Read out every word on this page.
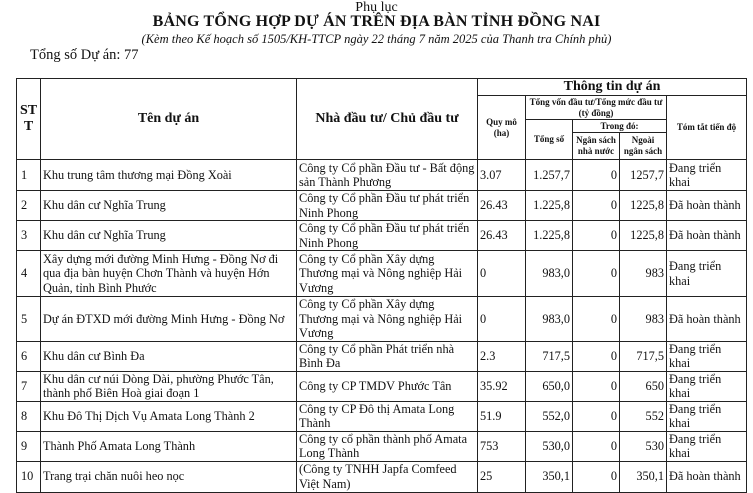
Phụ lục
BẢNG TỔNG HỢP DỰ ÁN TRÊN ĐỊA BÀN TỈNH ĐỒNG NAI
(Kèm theo Kế hoạch số 1505/KH-TTCP ngày 22 tháng 7 năm 2025 của Thanh tra Chính phủ)
Tổng số Dự án: 77
ST T	Tên dự án	Nhà đầu tư/ Chủ đầu tư	Thông tin dự án				
			Quy mô (ha)	Tổng vốn đầu tư/Tổng mức đầu tư (tỷ đồng)			Tóm tắt tiến độ
				Tổng số	Trong đó:		
					Ngân sách nhà nước	Ngoài ngân sách	
1	Khu trung tâm thương mại Đồng Xoài	Công ty Cổ phần Đầu tư - Bất động sản Thành Phương	3.07	1.257,7	0	1257,7	Đang triển khai
2	Khu dân cư Nghĩa Trung	Công ty Cổ phần Đầu tư phát triển Ninh Phong	26.43	1.225,8	0	1225,8	Đã hoàn thành
3	Khu dân cư Nghĩa Trung	Công ty Cổ phần Đầu tư phát triển Ninh Phong	26.43	1.225,8	0	1225,8	Đã hoàn thành
4	Xây dựng mới đường Minh Hưng - Đồng Nơ đi qua địa bàn huyện Chơn Thành và huyện Hớn Quản, tỉnh Bình Phước	Công ty Cổ phần Xây dựng Thương mại và Nông nghiệp Hải Vương	0	983,0	0	983	Đang triển khai
5	Dự án ĐTXD mới đường Minh Hưng - Đồng Nơ	Công ty Cổ phần Xây dựng Thương mại và Nông nghiệp Hải Vương	0	983,0	0	983	Đã hoàn thành
6	Khu dân cư Bình Đa	Công ty Cổ phần Phát triển nhà Bình Đa	2.3	717,5	0	717,5	Đang triển khai
7	Khu dân cư núi Dòng Dài, phường Phước Tân, thành phố Biên Hoà giai đoạn 1	Công ty CP TMDV Phước Tân	35.92	650,0	0	650	Đang triển khai
8	Khu Đô Thị Dịch Vụ Amata Long Thành 2	Công ty CP Đô thị Amata Long Thành	51.9	552,0	0	552	Đang triển khai
9	Thành Phố Amata Long Thành	Công ty cổ phần thành phố Amata Long Thành	753	530,0	0	530	Đang triển khai
10	Trang trại chăn nuôi heo nọc	(Công ty TNHH Japfa Comfeed Việt Nam)	25	350,1	0	350,1	Đã hoàn thành
